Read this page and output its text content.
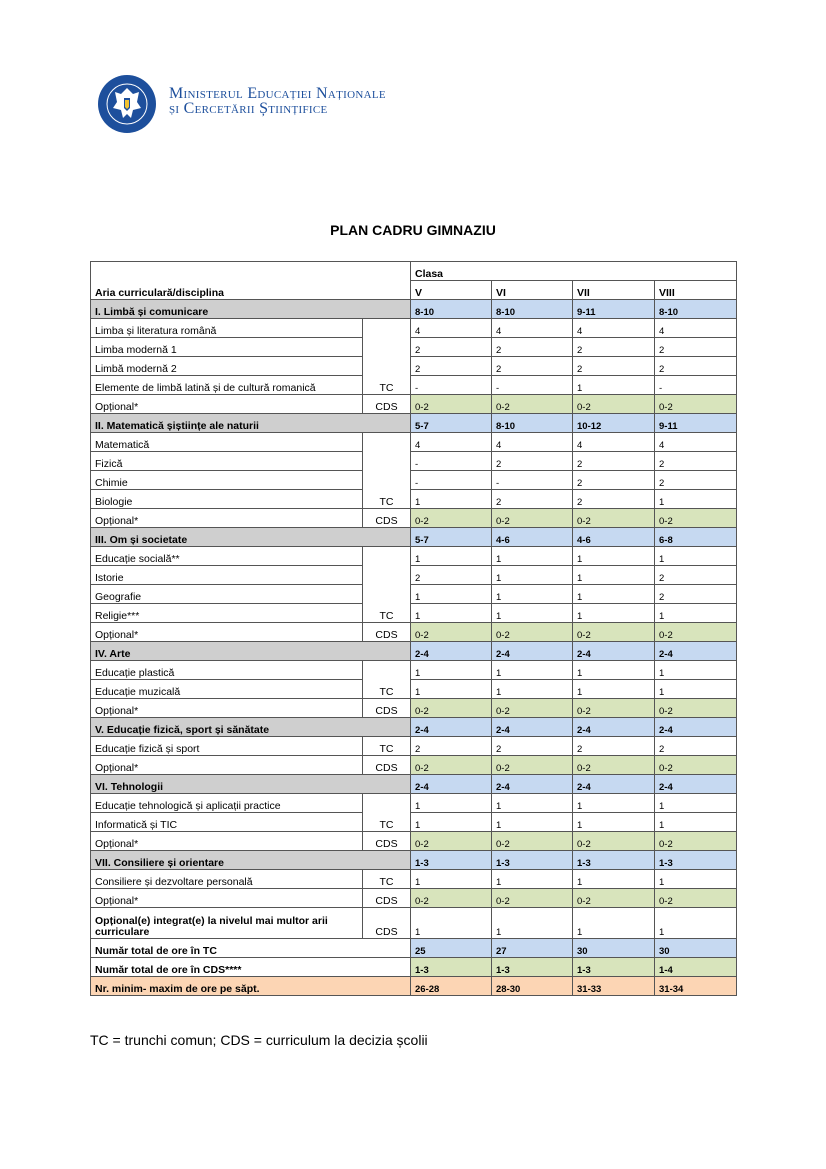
Ministerul Educației Naționale
și Cercetării Științifice
PLAN CADRU GIMNAZIU
Aria curriculară/disciplina		Clasa			
		V	VI	VII	VIII
I. Limbă și comunicare		8-10	8-10	9-11	8-10
Limba și literatura română	TC	4	4	4	4
Limba modernă 1		2	2	2	2
Limbă modernă 2		2	2	2	2
Elemente de limbă latină și de cultură romanică		-	-	1	-
Opțional*	CDS	0-2	0-2	0-2	0-2
II. Matematică șiștiințe ale naturii		5-7	8-10	10-12	9-11
Matematică	TC	4	4	4	4
Fizică		-	2	2	2
Chimie		-	-	2	2
Biologie		1	2	2	1
Opțional*	CDS	0-2	0-2	0-2	0-2
III. Om și societate		5-7	4-6	4-6	6-8
Educație socială**	TC	1	1	1	1
Istorie		2	1	1	2
Geografie		1	1	1	2
Religie***		1	1	1	1
Opțional*	CDS	0-2	0-2	0-2	0-2
IV. Arte		2-4	2-4	2-4	2-4
Educație plastică	TC	1	1	1	1
Educație muzicală		1	1	1	1
Opțional*	CDS	0-2	0-2	0-2	0-2
V. Educație fizică, sport și sănătate		2-4	2-4	2-4	2-4
Educație fizică și sport	TC	2	2	2	2
Opțional*	CDS	0-2	0-2	0-2	0-2
VI. Tehnologii		2-4	2-4	2-4	2-4
Educație tehnologică și aplicații practice	TC	1	1	1	1
Informatică și TIC		1	1	1	1
Opțional*	CDS	0-2	0-2	0-2	0-2
VII. Consiliere și orientare		1-3	1-3	1-3	1-3
Consiliere și dezvoltare personală	TC	1	1	1	1
Opțional*	CDS	0-2	0-2	0-2	0-2
Opțional(e) integrat(e) la nivelul mai multor arii curriculare	CDS	1	1	1	1
Număr total de ore în TC		25	27	30	30
Număr total de ore în CDS****		1-3	1-3	1-3	1-4
Nr. minim- maxim de ore pe săpt.		26-28	28-30	31-33	31-34
TC = trunchi comun; CDS = curriculum la decizia școlii
